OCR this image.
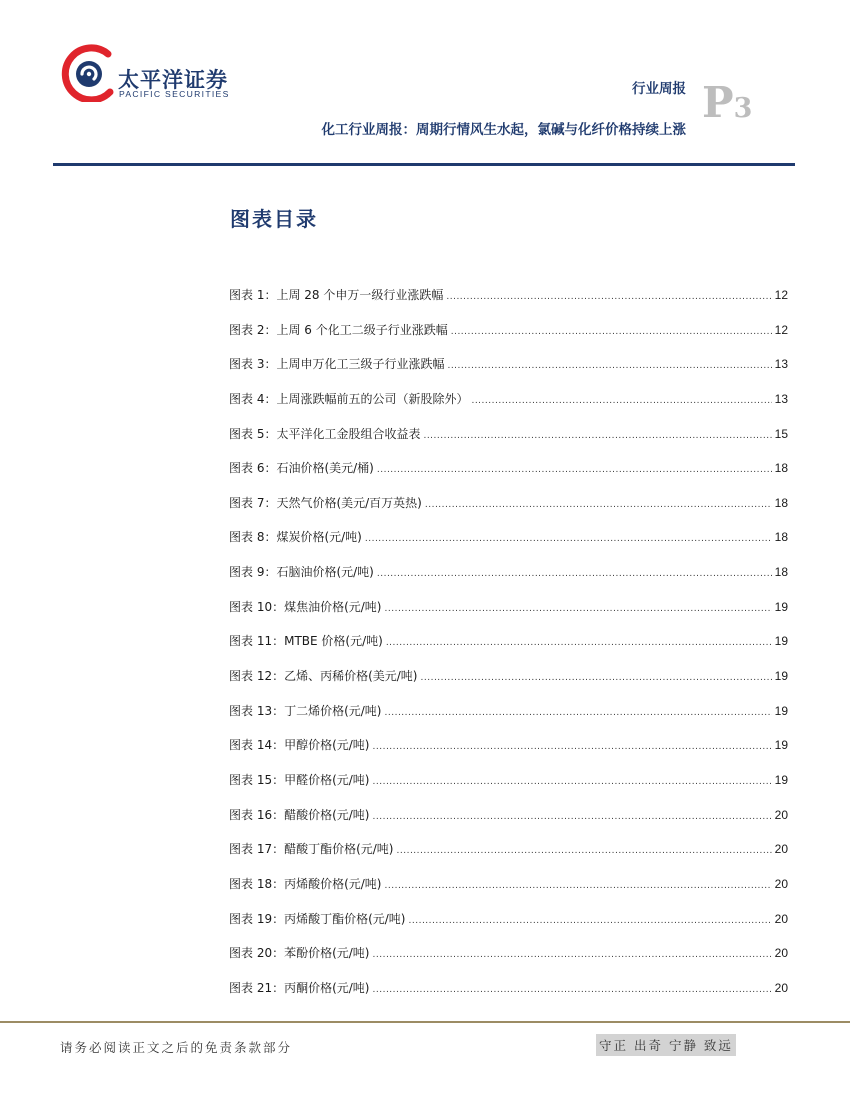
太平洋证券
PACIFIC SECURITIES	行业周报 P3
化工行业周报：周期行情风生水起，氯碱与化纤价格持续上涨
图表目录
图表 1：上周 28 个申万一级行业涨跌幅 .....	12
图表 2：上周 6 个化工二级子行业涨跌幅 .....	12
图表 3：上周申万化工三级子行业涨跌幅 .....	13
图表 4：上周涨跌幅前五的公司（新股除外） .....	13
图表 5：太平洋化工金股组合收益表 .....	15
图表 6：石油价格(美元/桶) .....	18
图表 7：天然气价格(美元/百万英热) .....	18
图表 8：煤炭价格(元/吨) .....	18
图表 9：石脑油价格(元/吨) .....	18
图表 10：煤焦油价格(元/吨) .....	19
图表 11：MTBE 价格(元/吨) .....	19
图表 12：乙烯、丙稀价格(美元/吨) .....	19
图表 13：丁二烯价格(元/吨) .....	19
图表 14：甲醇价格(元/吨) .....	19
图表 15：甲醛价格(元/吨) .....	19
图表 16：醋酸价格(元/吨) .....	20
图表 17：醋酸丁酯价格(元/吨) .....	20
图表 18：丙烯酸价格(元/吨) .....	20
图表 19：丙烯酸丁酯价格(元/吨) .....	20
图表 20：苯酚价格(元/吨) .....	20
图表 21：丙酮价格(元/吨) .....	20
请务必阅读正文之后的免责条款部分	守正 出奇 宁静 致远
